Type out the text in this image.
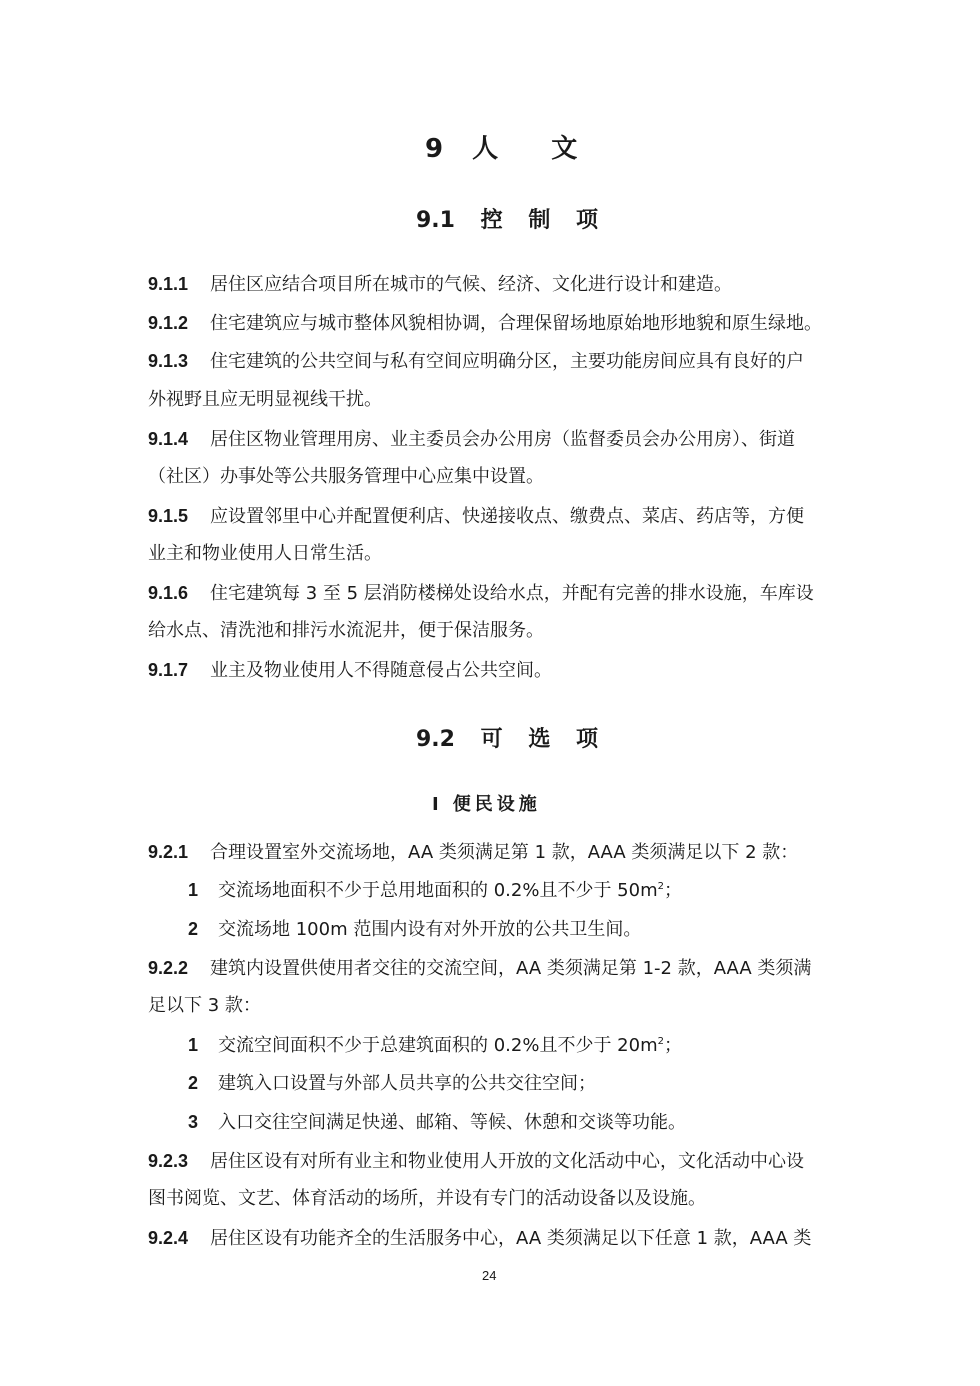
9 人 文
9.1 控 制 项
9.1.1 居住区应结合项目所在城市的气候、经济、文化进行设计和建造。
9.1.2 住宅建筑应与城市整体风貌相协调，合理保留场地原始地形地貌和原生绿地。
9.1.3 住宅建筑的公共空间与私有空间应明确分区，主要功能房间应具有良好的户
外视野且应无明显视线干扰。
9.1.4 居住区物业管理用房、业主委员会办公用房（监督委员会办公用房）、街道
（社区）办事处等公共服务管理中心应集中设置。
9.1.5 应设置邻里中心并配置便利店、快递接收点、缴费点、菜店、药店等，方便
业主和物业使用人日常生活。
9.1.6 住宅建筑每 3 至 5 层消防楼梯处设给水点，并配有完善的排水设施，车库设
给水点、清洗池和排污水流泥井，便于保洁服务。
9.1.7 业主及物业使用人不得随意侵占公共空间。
9.2 可 选 项
I 便民设施
9.2.1 合理设置室外交流场地，AA 类须满足第 1 款，AAA 类须满足以下 2 款：
1 交流场地面积不少于总用地面积的 0.2%且不少于 $50m^2$；
2 交流场地 100m 范围内设有对外开放的公共卫生间。
9.2.2 建筑内设置供使用者交往的交流空间，AA 类须满足第 1-2 款，AAA 类须满
足以下 3 款：
1 交流空间面积不少于总建筑面积的 0.2%且不少于 $20m^2$；
2 建筑入口设置与外部人员共享的公共交往空间；
3 入口交往空间满足快递、邮箱、等候、休憩和交谈等功能。
9.2.3 居住区设有对所有业主和物业使用人开放的文化活动中心，文化活动中心设
图书阅览、文艺、体育活动的场所，并设有专门的活动设备以及设施。
9.2.4 居住区设有功能齐全的生活服务中心，AA 类须满足以下任意 1 款，AAA 类
24
